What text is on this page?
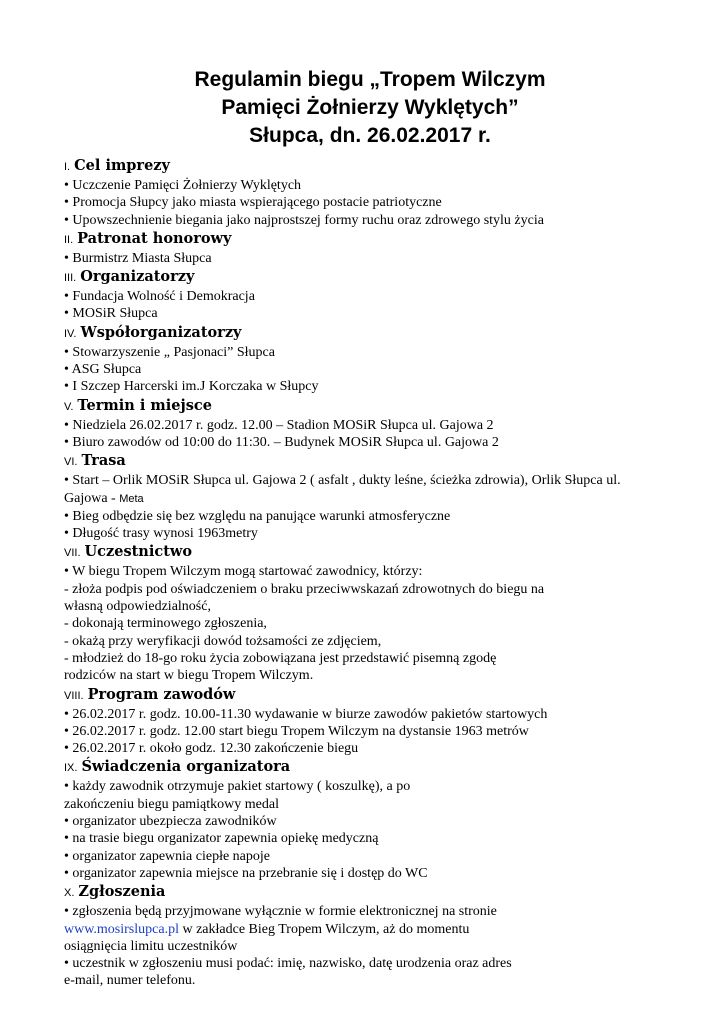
Regulamin biegu „Tropem Wilczym
Pamięci Żołnierzy Wyklętych”
Słupca, dn. 26.02.2017 r.
I. Cel imprezy
• Uczczenie Pamięci Żołnierzy Wyklętych
• Promocja Słupcy jako miasta wspierającego postacie patriotyczne
• Upowszechnienie biegania jako najprostszej formy ruchu oraz zdrowego stylu życia
II. Patronat honorowy
• Burmistrz Miasta Słupca
III. Organizatorzy
• Fundacja Wolność i Demokracja
• MOSiR Słupca
IV. Współorganizatorzy
• Stowarzyszenie „ Pasjonaci” Słupca
• ASG Słupca
• I Szczep Harcerski im.J Korczaka w Słupcy
V. Termin i miejsce
• Niedziela 26.02.2017 r. godz. 12.00 – Stadion MOSiR Słupca ul. Gajowa 2
• Biuro zawodów od 10:00 do 11:30. – Budynek MOSiR Słupca ul. Gajowa 2
VI. Trasa
• Start – Orlik MOSiR Słupca ul. Gajowa 2 ( asfalt , dukty leśne, ścieżka zdrowia), Orlik Słupca ul.
Gajowa - Meta
• Bieg odbędzie się bez względu na panujące warunki atmosferyczne
• Długość trasy wynosi 1963metry
VII. Uczestnictwo
• W biegu Tropem Wilczym mogą startować zawodnicy, którzy:
- złoża podpis pod oświadczeniem o braku przeciwwskazań zdrowotnych do biegu na
własną odpowiedzialność,
- dokonają terminowego zgłoszenia,
- okażą przy weryfikacji dowód tożsamości ze zdjęciem,
- młodzież do 18-go roku życia zobowiązana jest przedstawić pisemną zgodę
rodziców na start w biegu Tropem Wilczym.
VIII. Program zawodów
• 26.02.2017 r. godz. 10.00-11.30 wydawanie w biurze zawodów pakietów startowych
• 26.02.2017 r. godz. 12.00 start biegu Tropem Wilczym na dystansie 1963 metrów
• 26.02.2017 r. około godz. 12.30 zakończenie biegu
IX. Świadczenia organizatora
• każdy zawodnik otrzymuje pakiet startowy ( koszulkę), a po
zakończeniu biegu pamiątkowy medal
• organizator ubezpiecza zawodników
• na trasie biegu organizator zapewnia opiekę medyczną
• organizator zapewnia ciepłe napoje
• organizator zapewnia miejsce na przebranie się i dostęp do WC
X. Zgłoszenia
• zgłoszenia będą przyjmowane wyłącznie w formie elektronicznej na stronie
www.mosirslupca.pl w zakładce Bieg Tropem Wilczym, aż do momentu
osiągnięcia limitu uczestników
• uczestnik w zgłoszeniu musi podać: imię, nazwisko, datę urodzenia oraz adres
e-mail, numer telefonu.
